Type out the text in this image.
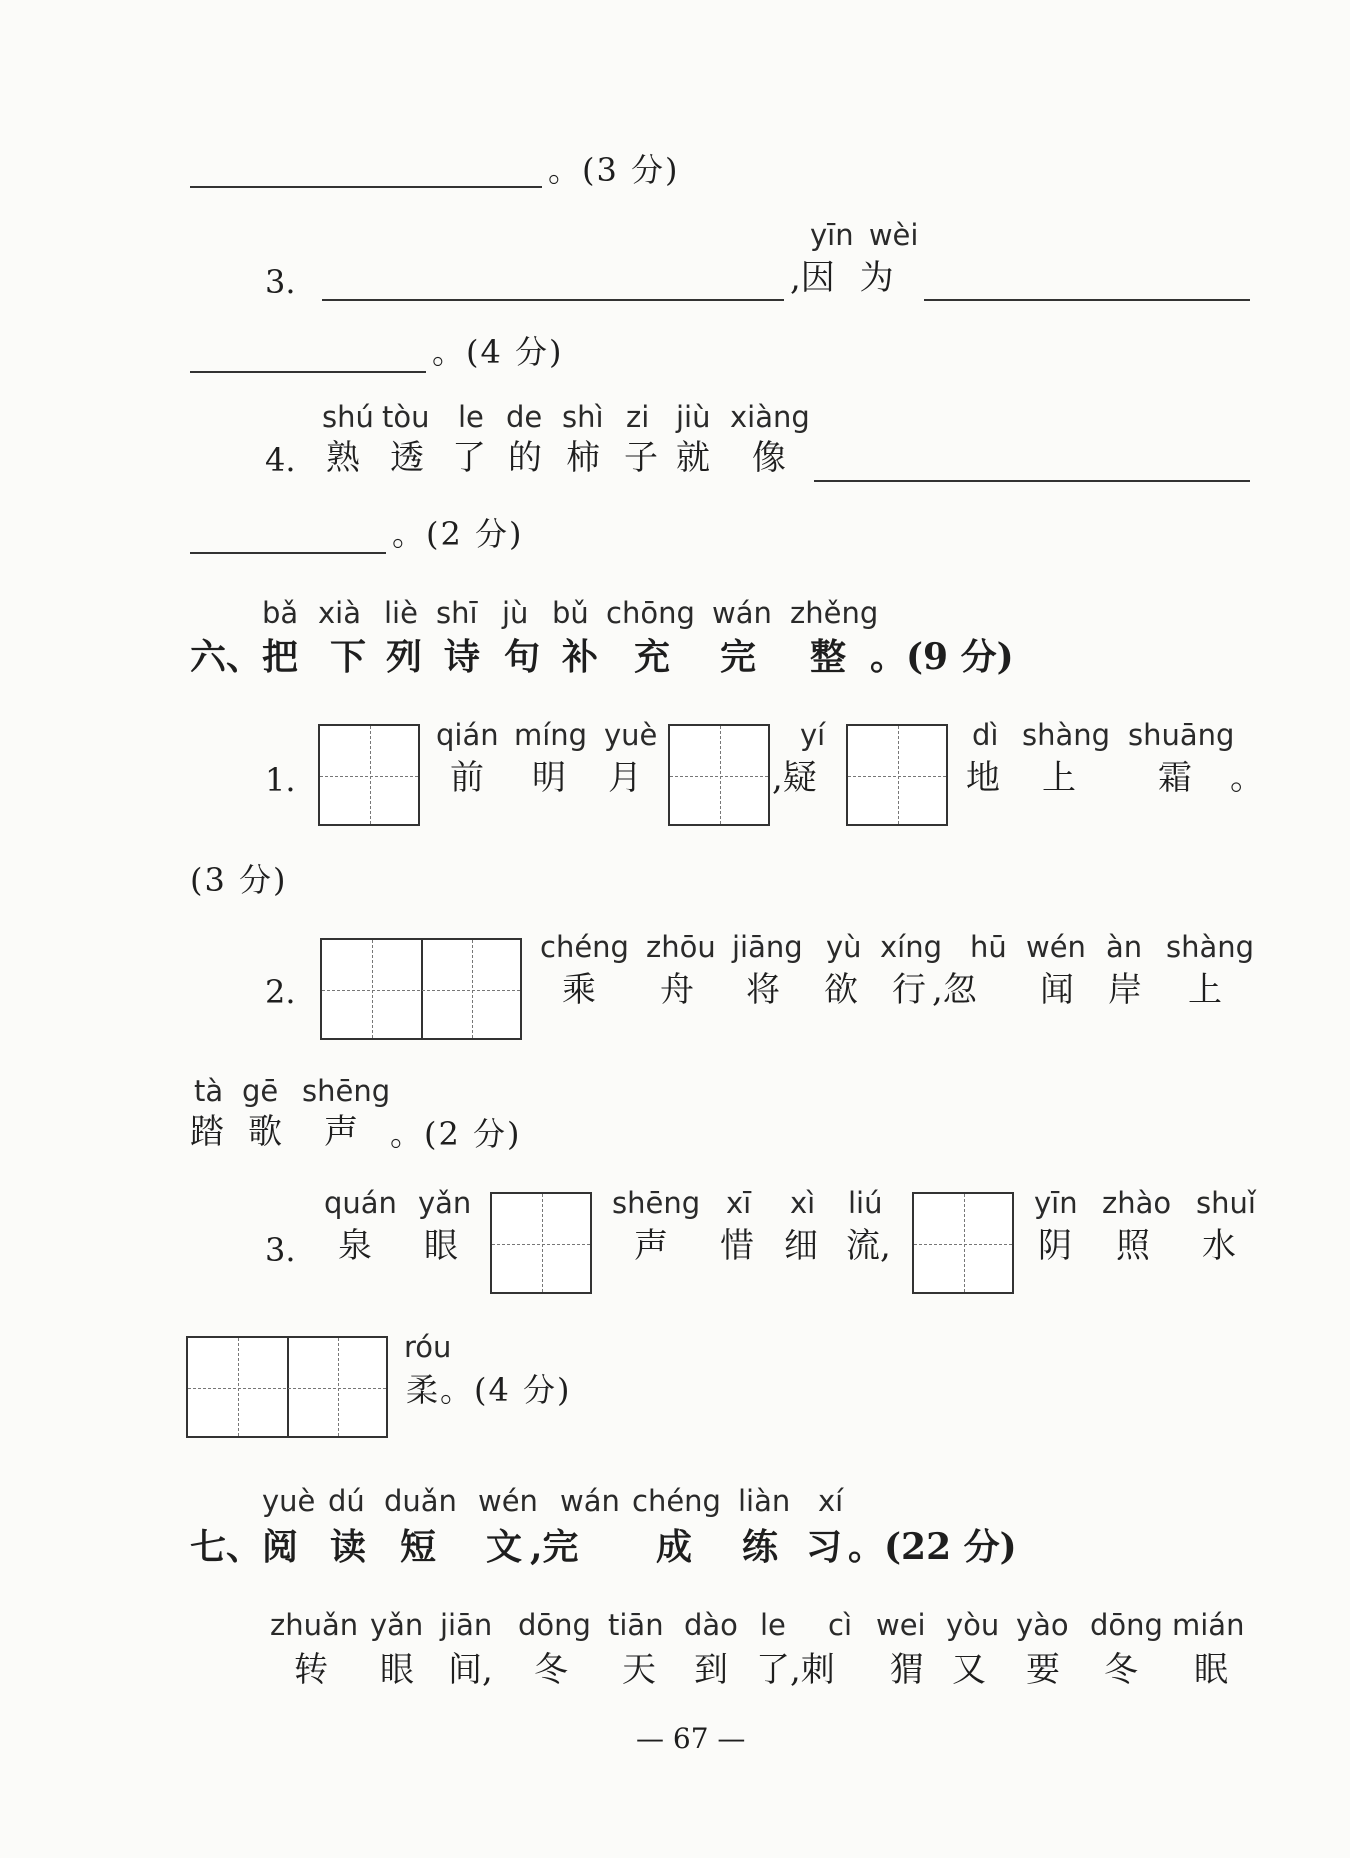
。(3 分)
yīn wèi
3.	,因 为
。(4 分)
shú tòu le de shì zi jiù xiàng
4. 熟 透 了 的 柿 子 就 像
。(2 分)
bǎ xià liè shī jù bǔ chōng wán zhěng
六、把 下 列 诗 句 补 充 完 整 。(9 分)
1.
qián míng yuè
前 明 月
yí
,疑
dì shàng shuāng
地 上 霜 。
(3 分)
2.
chéng zhōu jiāng yù xíng hū wén àn shàng
乘 舟 将 欲 行 ,忽 闻 岸 上
tà gē shēng
踏 歌 声 。(2 分)
3.
quán yǎn
泉 眼
shēng xī xì liú
声 惜 细 流,
yīn zhào shuǐ
阴 照 水
róu
柔。(4 分)
yuè dú duǎn wén wán chéng liàn xí
七、阅 读 短 文 ,完 成 练 习 。(22 分)
zhuǎn yǎn jiān dōng tiān dào le cì wei yòu yào dōng mián
转 眼 间, 冬 天 到 了,刺 猬 又 要 冬 眠
— 67 —
